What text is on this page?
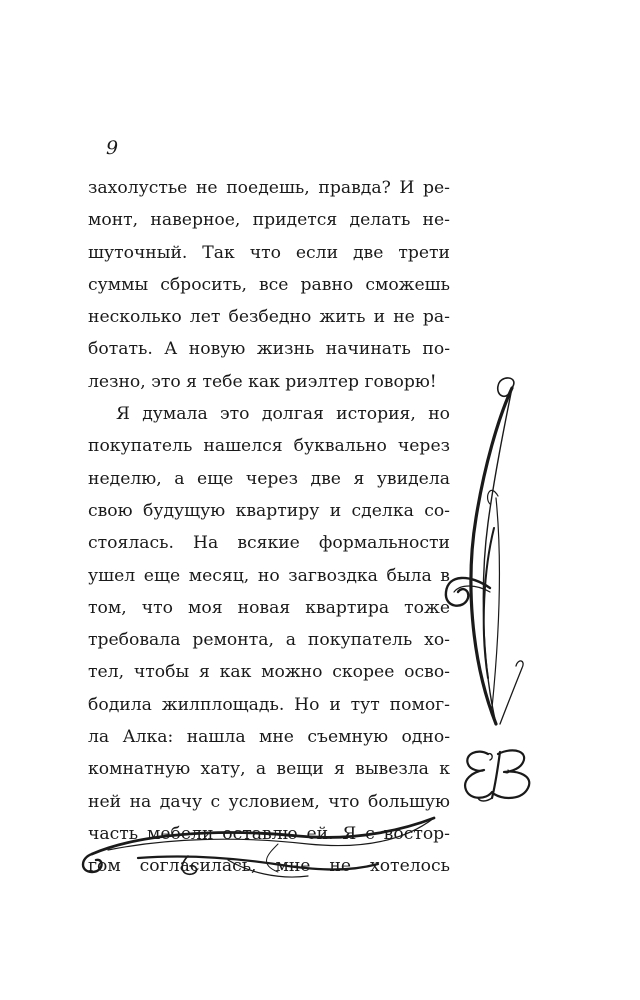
9
захолустье не поедешь, правда? И ре-
монт, наверное, придется делать не-
шуточный. Так что если две трети
суммы сбросить, все равно сможешь
несколько лет безбедно жить и не ра-
ботать. А новую жизнь начинать по-
лезно, это я тебе как риэлтер говорю!
Я думала это долгая история, но
покупатель нашелся буквально через
неделю, а еще через две я увидела
свою будущую квартиру и сделка со-
стоялась. На всякие формальности
ушел еще месяц, но загвоздка была в
том, что моя новая квартира тоже
требовала ремонта, а покупатель хо-
тел, чтобы я как можно скорее осво-
бодила жилплощадь. Но и тут помог-
ла Алка: нашла мне съемную одно-
комнатную хату, а вещи я вывезла к
ней на дачу с условием, что большую
часть мебели оставлю ей. Я с востор-
гом согласилась, мне не хотелось
